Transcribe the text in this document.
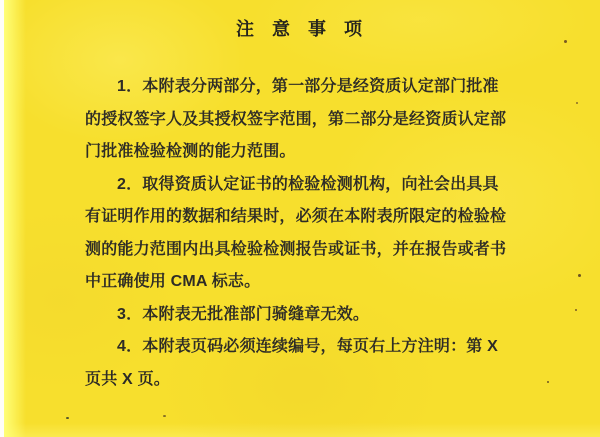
注 意 事 项
1．本附表分两部分，第一部分是经资质认定部门批准
的授权签字人及其授权签字范围，第二部分是经资质认定部
门批准检验检测的能力范围。
2．取得资质认定证书的检验检测机构，向社会出具具
有证明作用的数据和结果时，必须在本附表所限定的检验检
测的能力范围内出具检验检测报告或证书，并在报告或者书
中正确使用 CMA 标志。
3．本附表无批准部门骑缝章无效。
4．本附表页码必须连续编号，每页右上方注明：第 X
页共 X 页。
